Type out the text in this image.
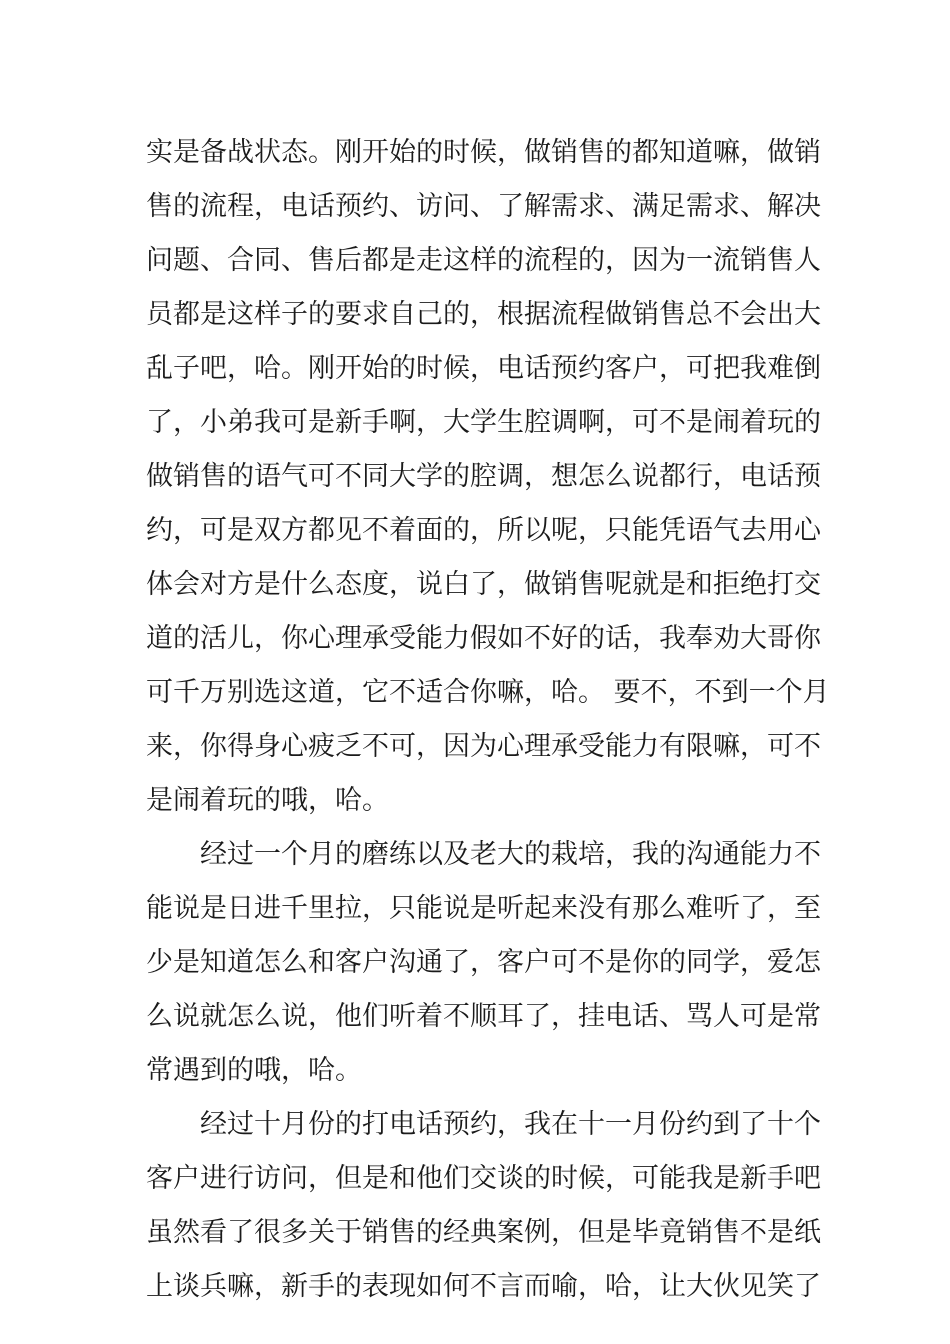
实是备战状态。刚开始的时候，做销售的都知道嘛，做销
售的流程，电话预约、访问、了解需求、满足需求、解决
问题、合同、售后都是走这样的流程的，因为一流销售人
员都是这样子的要求自己的，根据流程做销售总不会出大
乱子吧，哈。刚开始的时候，电话预约客户，可把我难倒
了，小弟我可是新手啊，大学生腔调啊，可不是闹着玩的
做销售的语气可不同大学的腔调，想怎么说都行，电话预
约，可是双方都见不着面的，所以呢，只能凭语气去用心
体会对方是什么态度，说白了，做销售呢就是和拒绝打交
道的活儿，你心理承受能力假如不好的话，我奉劝大哥你
可千万别选这道，它不适合你嘛，哈。 要不，不到一个月
来，你得身心疲乏不可，因为心理承受能力有限嘛，可不
是闹着玩的哦，哈。
经过一个月的磨练以及老大的栽培，我的沟通能力不
能说是日进千里拉，只能说是听起来没有那么难听了，至
少是知道怎么和客户沟通了，客户可不是你的同学，爱怎
么说就怎么说，他们听着不顺耳了，挂电话、骂人可是常
常遇到的哦，哈。
经过十月份的打电话预约，我在十一月份约到了十个
客户进行访问，但是和他们交谈的时候，可能我是新手吧
虽然看了很多关于销售的经典案例，但是毕竟销售不是纸
上谈兵嘛，新手的表现如何不言而喻，哈，让大伙见笑了
